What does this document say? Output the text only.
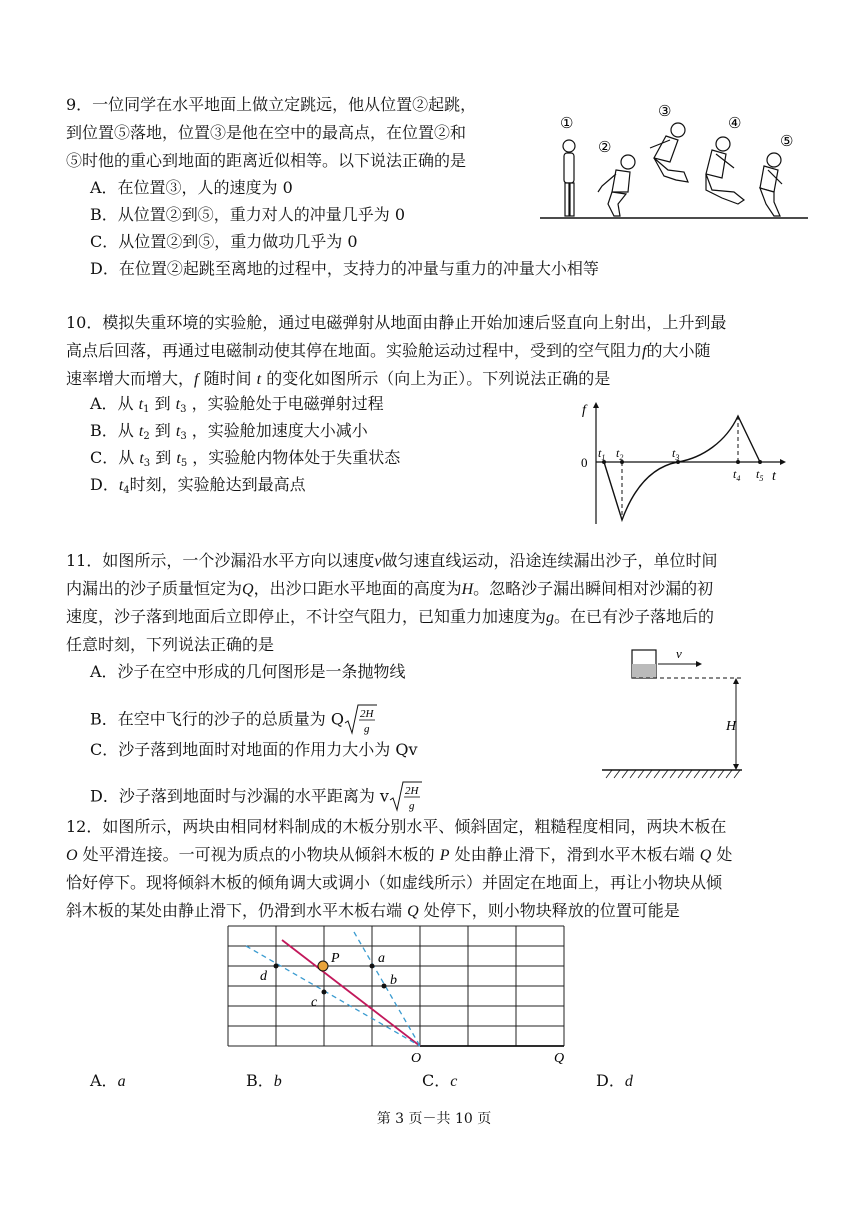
9．一位同学在水平地面上做立定跳远，他从位置②起跳，
到位置⑤落地，位置③是他在空中的最高点，在位置②和
⑤时他的重心到地面的距离近似相等。以下说法正确的是
A．在位置③，人的速度为 0
B．从位置②到⑤，重力对人的冲量几乎为 0
C．从位置②到⑤，重力做功几乎为 0
D．在位置②起跳至离地的过程中，支持力的冲量与重力的冲量大小相等
①
②
③
④
⑤
10．模拟失重环境的实验舱，通过电磁弹射从地面由静止开始加速后竖直向上射出，上升到最
高点后回落，再通过电磁制动使其停在地面。实验舱运动过程中，受到的空气阻力f的大小随
速率增大而增大，f 随时间 t 的变化如图所示（向上为正）。下列说法正确的是
A．从 $t_1$ 到 $t_3$ ，实验舱处于电磁弹射过程
B．从 $t_2$ 到 $t_3$ ，实验舱加速度大小减小
C．从 $t_3$ 到 $t_5$ ，实验舱内物体处于失重状态
D．$t_4$时刻，实验舱达到最高点
f
t
0
$t_1$ $t_2$	$t_3$
$t_4$ $t_5$
11．如图所示，一个沙漏沿水平方向以速度v做匀速直线运动，沿途连续漏出沙子，单位时间
内漏出的沙子质量恒定为Q，出沙口距水平地面的高度为H。忽略沙子漏出瞬间相对沙漏的初
速度，沙子落到地面后立即停止，不计空气阻力，已知重力加速度为g。在已有沙子落地后的
任意时刻，下列说法正确的是
A．沙子在空中形成的几何图形是一条抛物线
B．在空中飞行的沙子的总质量为 Q 2H
g
C．沙子落到地面时对地面的作用力大小为 Qv
D．沙子落到地面时与沙漏的水平距离为 v 2H
g
v
H
12．如图所示，两块由相同材料制成的木板分别水平、倾斜固定，粗糙程度相同，两块木板在
O 处平滑连接。一可视为质点的小物块从倾斜木板的 P 处由静止滑下，滑到水平木板右端 Q 处
恰好停下。现将倾斜木板的倾角调大或调小（如虚线所示）并固定在地面上，再让小物块从倾
斜木板的某处由静止滑下，仍滑到水平木板右端 Q 处停下，则小物块释放的位置可能是
P	a
b
c
d
O	Q
A．a	B．b	C．c	D．d
第 3 页－共 10 页
